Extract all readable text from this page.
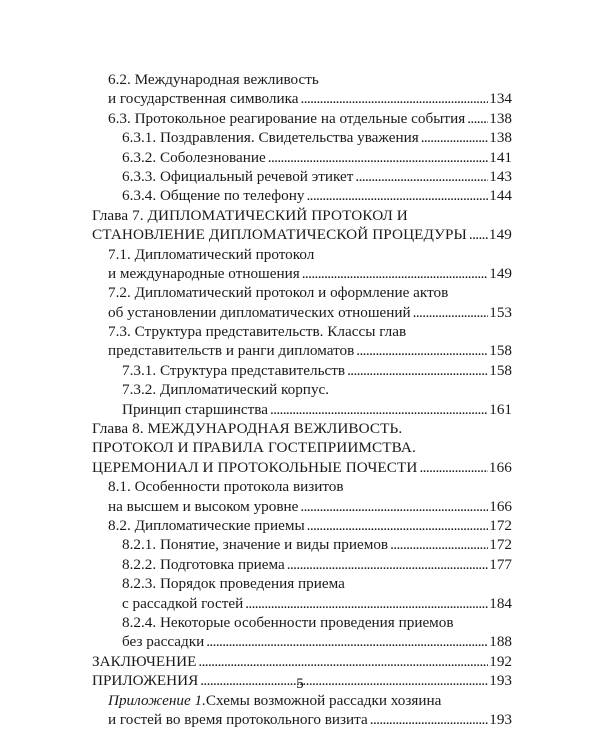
6.2. Международная вежливость
и государственная символика . . .	134
6.3. Протокольное реагирование на отдельные события . . . 138
6.3.1. Поздравления. Свидетельства уважения . . .	138
6.3.2. Соболезнование . . .	141
6.3.3. Официальный речевой этикет . . .	143
6.3.4. Общение по телефону . . .	144
Глава 7. ДИПЛОМАТИЧЕСКИЙ ПРОТОКОЛ И
СТАНОВЛЕНИЕ ДИПЛОМАТИЧЕСКОЙ ПРОЦЕДУРЫ . . . 149
7.1. Дипломатический протокол
и международные отношения . . .	149
7.2. Дипломатический протокол и оформление актов
об установлении дипломатических отношений . . .	153
7.3. Структура представительств. Классы глав
представительств и ранги дипломатов . . .	158
7.3.1. Структура представительств . . .	158
7.3.2. Дипломатический корпус.
Принцип старшинства . . .	161
Глава 8. МЕЖДУНАРОДНАЯ ВЕЖЛИВОСТЬ.
ПРОТОКОЛ И ПРАВИЛА ГОСТЕПРИИМСТВА.
ЦЕРЕМОНИАЛ И ПРОТОКОЛЬНЫЕ ПОЧЕСТИ . . .	166
8.1. Особенности протокола визитов
на высшем и высоком уровне . . .	166
8.2. Дипломатические приемы . . .	172
8.2.1. Понятие, значение и виды приемов . . .	172
8.2.2. Подготовка приема . . .	177
8.2.3. Порядок проведения приема
с рассадкой гостей . . .	184
8.2.4. Некоторые особенности проведения приемов
без рассадки . . .	188
ЗАКЛЮЧЕНИЕ . . .	192
ПРИЛОЖЕНИЯ . . .	193
Приложение 1. Схемы возможной рассадки хозяина
и гостей во время протокольного визита . . .	193
5
